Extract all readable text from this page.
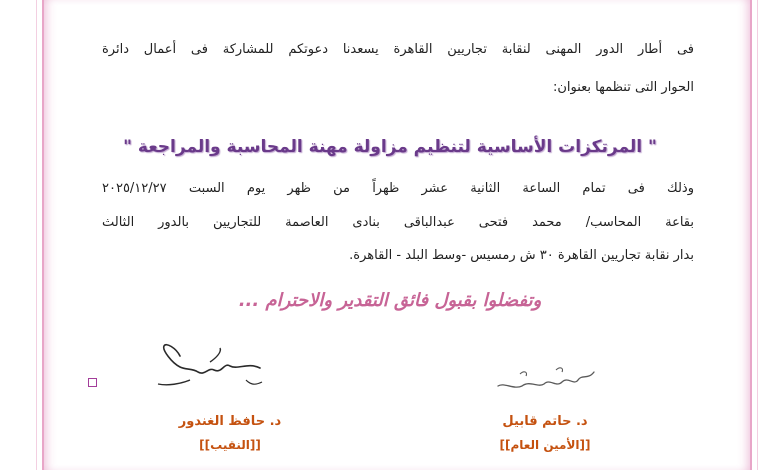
فى أطار الدور المهنى لنقابة تجاريين القاهرة يسعدنا دعوتكم للمشاركة فى أعمال دائرة
الحوار التى تنظمها بعنوان:
" المرتكزات الأساسية لتنظيم مزاولة مهنة المحاسبة والمراجعة "
وذلك فى تمام الساعة الثانية عشر ظهراً من ظهر يوم السبت ٢٠٢٥/١٢/٢٧
بقاعة المحاسب/ محمد فتحى عبدالباقى بنادى العاصمة للتجاريين بالدور الثالث
بدار نقابة تجاريين القاهرة ٣٠ ش رمسيس -وسط البلد - القاهرة.
وتفضلوا بقبول فائق التقدير والاحترام ...
د. حافظ الغندور
[[النقيب]]
د. حاتم قابيل
[[الأمين العام]]
